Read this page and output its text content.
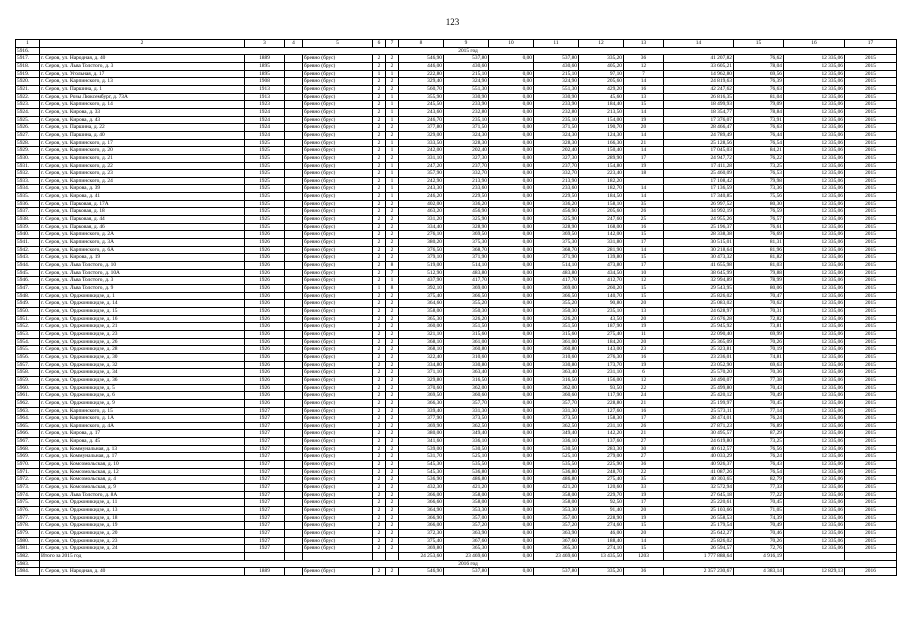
123
1	2	3	4	5	6	7	8	9	10	11	12	13	14	15	16	17
5916.	2015 год															
5917.	г. Серов, ул. Народная, д. 40	1889		бревно (брус)	2	2	546,90	537,80	0,00	537,80	335,20	36	41 207,82	76,62	12 335,06	2015
5918.	г. Серов, ул. Льва Толстого, д. 3	1895		бревно (брус)	2	2	446,00	430,60		430,60	405,20	12	33 605,21	78,04	12 335,06	2015
5919.	г. Серов, ул. Угольная, д. 17	1895		бревно (брус)	1	1	222,80	215,10	0,00	215,10	97,10	7	14 962,80	69,56	12 335,06	2015
5920.	г. Серов, ул. Карпинского, д. 13	1908		бревно (брус)	2	2	329,40	324,90	0,00	324,90	205,60	14	24 819,63	76,39	12 335,06	2015
5921.	г. Серов, ул. Паршина, д. 1	1913		бревно (брус)	2	2	560,70	551,30	0,00	551,30	429,20	16	42 247,62	76,63	12 335,06	2015
5922.	г. Серов, ул. Розы Люксембург, д. 73А	1913		бревно (брус)	2	1	355,90	330,90	0,00	330,90	45,60	13	26 816,35	81,04	12 335,06	2015
5923.	г. Серов, ул. Карпинского, д. 14	1923		бревно (брус)	2	1	245,50	233,90	0,00	233,90	184,40	15	18 499,93	79,09	12 335,06	2015
5924.	г. Серов, ул. Кирова, д. 33	1924		бревно (брус)	2	1	243,60	232,80	0,00	232,80	213,50	14	18 354,77	78,84	12 335,06	2015
5925.	г. Серов, ул. Кирова, д. 43	1924		бревно (брус)	2	1	246,70	235,10	0,00	235,10	154,00	19	17 376,07	73,91	12 335,06	2015
5926.	г. Серов, ул. Паршина, д. 22	1924		бревно (брус)	2	2	377,80	371,50	0,00	371,50	190,70	20	28 466,47	76,63	12 335,06	2015
5927.	г. Серов, ул. Паршина, д. 40	1924		бревно (брус)	2	2	329,00	324,30	0,00	324,30	124,30	14	24 789,49	76,44	12 335,06	2015
5928.	г. Серов, ул. Карпинского, д. 17	1925		бревно (брус)	2	1	333,50	328,30	0,00	328,30	166,30	21	25 128,56	76,54	12 335,06	2015
5929.	г. Серов, ул. Карпинского, д. 20	1925		бревно (брус)	2	1	242,00	202,40	0,00	202,40	150,40	14	17 045,03	84,21	12 335,06	2015
5930.	г. Серов, ул. Карпинского, д. 21	1925		бревно (брус)	2	2	331,10	327,30	0,00	327,30	289,90	17	24 947,72	76,22	12 335,06	2015
5931.	г. Серов, ул. Карпинского, д. 22	1925		бревно (брус)	2	1	247,20	237,70	0,00	237,70	154,80	19	17 411,28	73,25	12 335,06	2015
5932.	г. Серов, ул. Карпинского, д. 23	1925		бревно (брус)	2	1	357,90	332,70	0,00	332,70	223,40	18	25 460,09	76,53	12 335,06	2015
5933.	г. Серов, ул. Карпинского, д. 24	1925		бревно (брус)	2	1	242,90	213,90	0,00	213,90	182,20		17 108,42	79,98	12 335,06	2015
5934.	г. Серов, ул. Кирова, д. 39	1925		бревно (брус)	2	1	243,30	233,60	0,00	233,60	182,70	14	17 136,59	73,36	12 335,06	2015
5935.	г. Серов, ул. Кирова, д. 41	1925		бревно (брус)	2	1	246,20	229,50	0,00	229,50	184,50	14	17 340,85	75,56	12 335,06	2015
5936.	г. Серов, ул. Парковая, д. 17А	1925		бревно (брус)	2	2	402,00	336,20	0,00	336,20	158,10	35	26 997,52	80,30	12 335,06	2015
5937.	г. Серов, ул. Парковая, д. 18	1925		бревно (брус)	2	2	463,20	456,90	0,00	456,90	205,60	26	34 992,19	76,59	12 335,06	2015
5938.	г. Серов, ул. Парковая, д. 44	1925		бревно (брус)	2	2	331,20	325,90	0,00	325,90	247,60	25	24 955,26	76,57	12 335,06	2015
5939.	г. Серов, ул. Парковая, д. 46	1925		бревно (брус)	2	2	334,40	328,90	0,00	328,90	168,00	16	25 196,37	76,61	12 335,06	2015
5940.	г. Серов, ул. Карпинского, д. 2А	1926		бревно (брус)	2	2	276,10	369,50	0,00	369,50	142,00	15	28 338,38	76,69	12 335,06	2015
5941.	г. Серов, ул. Карпинского, д. 3А	1926		бревно (брус)	2	2	380,20	375,30	0,00	375,30	331,80	17	30 515,01	81,31	12 335,06	2015
5942.	г. Серов, ул. Карпинского, д. 6А	1926		бревно (брус)	2	2	376,50	368,70	0,00	368,70	281,90	14	30 218,64	81,96	12 335,06	2015
5943.	г. Серов, ул. Кирова, д. 19	1926		бревно (брус)	2	2	379,10	371,90	0,00	371,90	139,80	15	30 473,32	81,82	12 335,06	2015
5944.	г. Серов, ул. Льва Толстого, д. 10	1926		бревно (брус)	2	8	519,00	514,10	0,00	514,10	473,80	17	41 655,98	81,03	12 335,06	2015
5945.	г. Серов, ул. Льва Толстого, д. 10А	1926		бревно (брус)	2	7	512,90	483,80	0,00	483,80	434,50	10	38 645,99	79,88	12 335,06	2015
5946.	г. Серов, ул. Льва Толстого, д. 3	1926		бревно (брус)	2	1	437,90	417,70	0,00	417,70	412,70	12	32 994,89	78,99	12 335,06	2015
5947.	г. Серов, ул. Льва Толстого, д. 9	1926		бревно (брус)	1	8	392,10	369,00	0,00	369,00	260,20	15	29 543,95	80,06	12 335,06	2015
5948.	г. Серов, ул. Орджоникидзе, д. 1	1926		бревно (брус)	2	2	375,40	366,50	0,00	366,50	140,70	15	25 826,02	70,47	12 335,06	2015
5949.	г. Серов, ул. Орджоникидзе, д. 14	1926		бревно (брус)	2	2	364,60	355,20	0,00	355,20	90,80	20	25 083,02	70,62	12 335,06	2015
5950.	г. Серов, ул. Орджоникидзе, д. 15	1926		бревно (брус)	2	2	358,00	350,30	0,00	350,30	235,10	13	24 628,97	70,31	12 335,06	2015
5951.	г. Серов, ул. Орджоникидзе, д. 16	1926		бревно (брус)	2	2	365,30	326,20	0,00	326,20	43,50	20	23 676,28	72,82	12 335,06	2015
5952.	г. Серов, ул. Орджоникидзе, д. 21	1926		бревно (брус)	2	2	360,00	351,50	0,00	351,50	187,90	19	25 945,92	73,81	12 335,06	2015
5953.	г. Серов, ул. Орджоникидзе, д. 23	1926		бревно (брус)	2	2	321,10	315,60	0,00	315,60	275,40	11	22 090,40	69,99	12 335,06	2015
5954.	г. Серов, ул. Орджоникидзе, д. 26	1926		бревно (брус)	2	2	368,10	361,00	0,00	361,00	184,20	20	25 365,09	70,26	12 335,06	2015
5955.	г. Серов, ул. Орджоникидзе, д. 28	1926		бревно (брус)	2	2	368,10	360,80	0,00	360,80	143,00	23	25 323,81	70,19	12 335,06	2015
5956.	г. Серов, ул. Орджоникидзе, д. 30	1926		бревно (брус)	2	2	322,40	310,60	0,00	310,60	276,30	16	23 236,01	74,81	12 335,06	2015
5957.	г. Серов, ул. Орджоникидзе, д. 32	1926		бревно (брус)	2	2	334,80	330,80	0,00	330,80	173,70	19	23 052,90	69,63	12 335,06	2015
5958.	г. Серов, ул. Орджоникидзе, д. 34	1926		бревно (брус)	2	2	371,10	363,40	0,00	363,40	231,10	6	25 570,20	70,36	12 335,06	2015
5959.	г. Серов, ул. Орджоникидзе, д. 36	1926		бревно (брус)	2	2	329,80	316,50	0,00	316,50	156,00	12	24 490,07	77,38	12 335,06	2015
5960.	г. Серов, ул. Орджоникидзе, д. 5	1926		бревно (брус)	2	2	370,60	362,00	0,00	362,00	93,50	22	25 499,80	70,43	12 335,06	2015
5961.	г. Серов, ул. Орджоникидзе, д. 6	1926		бревно (брус)	2	2	369,50	360,60	0,00	360,60	117,90	24	25 420,12	70,49	12 335,06	2015
5962.	г. Серов, ул. Орджоникидзе, д. 9	1926		бревно (брус)	2	2	366,30	357,70	0,00	357,70	228,80	21	25 199,97	70,45	12 335,06	2015
5963.	г. Серов, ул. Карпинского, д. 15	1927		бревно (брус)	2	2	339,40	331,30	0,00	331,30	127,60	16	25 573,11	77,14	12 335,06	2015
5964.	г. Серов, ул. Карпинского, д. 1А	1927		бревно (брус)	2	2	377,90	373,50	0,00	373,50	158,30	17	28 474,01	76,24	12 335,06	2015
5965.	г. Серов, ул. Карпинского, д. 4А	1927		бревно (брус)	2	2	369,90	362,50	0,00	362,50	231,10	26	27 871,23	76,89	12 335,06	2015
5966.	г. Серов, ул. Кирова, д. 17	1927		бревно (брус)	2	2	380,00	349,40	0,00	349,40	142,20	21	30 495,57	87,29	12 335,06	2015
5967.	г. Серов, ул. Кирова, д. 45	1927		бревно (брус)	2	2	341,60	336,10	0,00	336,10	137,60	27	24 619,80	73,25	12 335,06	2015
5968.	г. Серов, ул. Коммунальная, д. 13	1927		бревно (брус)	2	2	539,00	530,50	0,00	530,50	283,30	30	40 612,57	76,56	12 335,06	2015
5969.	г. Серов, ул. Коммунальная, д. 17	1927		бревно (брус)	2	2	531,70	525,10	0,00	525,10	279,00	27	40 033,29	76,24	12 335,06	2015
5970.	г. Серов, ул. Комсомольская, д. 10	1927		бревно (брус)	2	2	545,30	535,50	0,00	535,50	225,90	36	40 926,37	76,43	12 335,06	2015
5971.	г. Серов, ул. Комсомольская, д. 12	1927		бревно (брус)	2	2	545,30	536,80	0,00	536,80	248,70	22	41 087,26	76,54	12 335,06	2015
5972.	г. Серов, ул. Комсомольская, д. 4	1927		бревно (брус)	2	2	536,90	486,80	0,00	486,80	275,40	35	40 303,65	82,79	12 335,06	2015
5973.	г. Серов, ул. Комсомольская, д. 9	1927		бревно (брус)	2	2	432,30	421,20	0,00	421,20	120,60	33	32 572,94	77,33	12 335,06	2015
5974.	г. Серов, ул. Льва Толстого, д. 8А	1927		бревно (брус)	2	2	366,00	358,00	0,00	358,00	229,70	19	27 645,18	77,22	12 335,06	2015
5975.	г. Серов, ул. Орджоникидзе, д. 11	1927		бревно (брус)	2	2	366,60	358,00	0,00	358,00	92,50	17	25 220,61	70,45	12 335,06	2015
5976.	г. Серов, ул. Орджоникидзе, д. 13	1927		бревно (брус)	2	2	364,90	353,30	0,00	353,30	91,40	20	25 103,66	71,05	12 335,06	2015
5977.	г. Серов, ул. Орджоникидзе, д. 18	1927		бревно (брус)	2	2	366,90	357,00	0,00	357,00	228,90	19	26 558,53	74,39	12 335,06	2015
5978.	г. Серов, ул. Орджоникидзе, д. 19	1927		бревно (брус)	2	2	366,00	357,20	0,00	357,20	274,60	15	25 179,54	70,49	12 335,06	2015
5979.	г. Серов, ул. Орджоникидзе, д. 20	1927		бревно (брус)	2	2	372,30	363,90	0,00	363,90	46,00	20	25 642,27	70,46	12 335,06	2015
5980.	г. Серов, ул. Орджоникидзе, д. 23	1927		бревно (брус)	2	2	375,40	367,60	0,00	367,60	188,40	14	25 826,02	70,26	12 335,06	2015
5981.	г. Серов, ул. Орджоникидзе, д. 24	1927		бревно (брус)	2	2	369,80	365,30	0,00	365,30	274,10	15	26 594,57	72,76	12 335,06	2015
5982.	Итого за 2015 год						24 253,60	23 469,60	0,00	23 469,60	13 435,50	1203	1 777 888,64	4 916,19		
5983.	2016 год															
5984.	г. Серов, ул. Народная, д. 40	1889		бревно (брус)	2	2	546,90	537,80	0,00	537,80	335,20	36	2 357 230,67	4 383,14	12 829,13	2016
